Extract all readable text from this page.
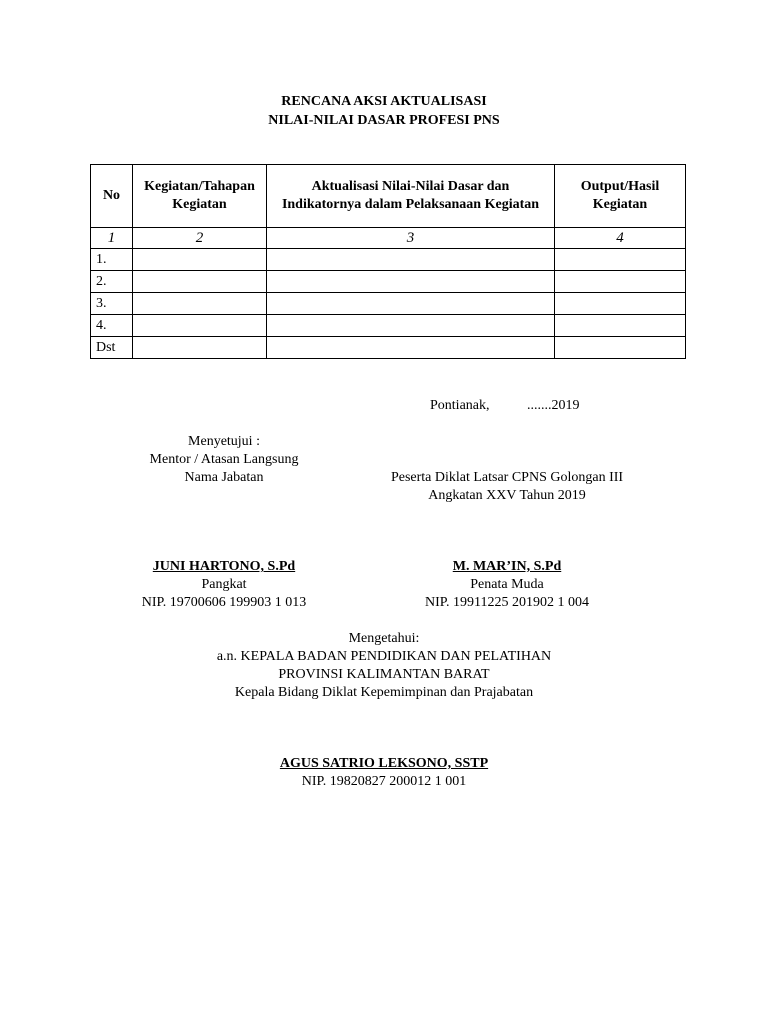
RENCANA AKSI AKTUALISASI
NILAI-NILAI DASAR PROFESI PNS
No	Kegiatan/Tahapan Kegiatan	Aktualisasi Nilai-Nilai Dasar dan Indikatornya dalam Pelaksanaan Kegiatan	Output/Hasil Kegiatan
1	2	3	4
1.			
2.			
3.			
4.			
Dst			
Pontianak,	.......2019
Menyetujui :
Mentor / Atasan Langsung
Nama Jabatan	Peserta Diklat Latsar CPNS Golongan III
Angkatan XXV Tahun 2019
JUNI HARTONO, S.Pd
Pangkat
NIP. 19700606 199903 1 013
M. MAR’IN, S.Pd
Penata Muda
NIP. 19911225 201902 1 004
Mengetahui:
a.n. KEPALA BADAN PENDIDIKAN DAN PELATIHAN
PROVINSI KALIMANTAN BARAT
Kepala Bidang Diklat Kepemimpinan dan Prajabatan
AGUS SATRIO LEKSONO, SSTP
NIP. 19820827 200012 1 001
